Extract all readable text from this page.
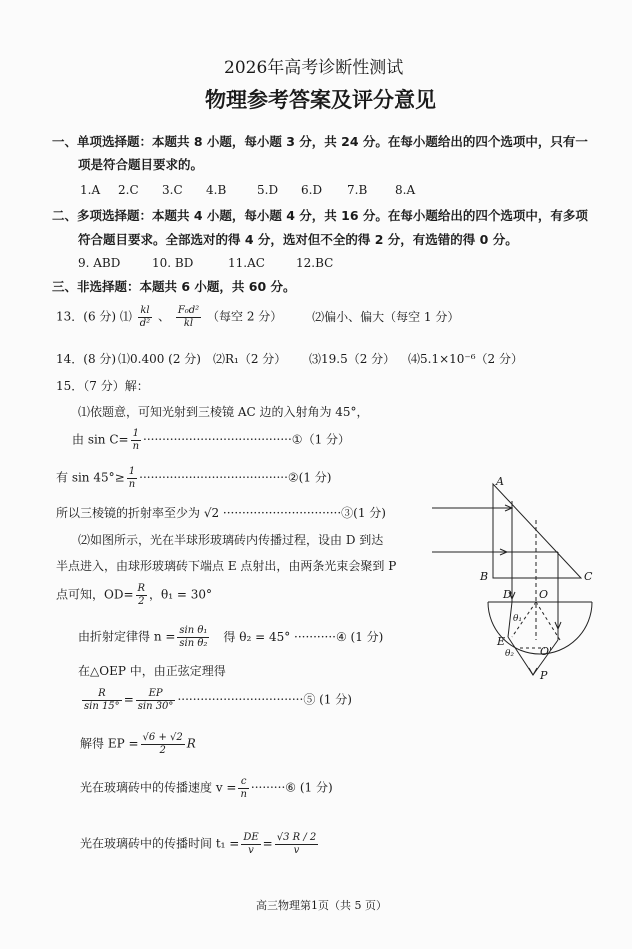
2026年高考诊断性测试
物理参考答案及评分意见
一、单项选择题：本题共 8 小题，每小题 3 分，共 24 分。在每小题给出的四个选项中，只有一
项是符合题目要求的。
1.A 2.C 3.C 4.B	5.D 6.D 7.B 8.A
二、多项选择题：本题共 4 小题，每小题 4 分，共 16 分。在每小题给出的四个选项中，有多项
符合题目要求。全部选对的得 4 分，选对但不全的得 2 分，有选错的得 0 分。
9. ABD	10. BD	11.AC	12.BC
三、非选择题：本题共 6 小题，共 60 分。
13．(6 分) ⑴ $\frac{kl}{\text{d²}}$ 、 $\frac{\text{F₀d²}}{kl}$ （每空 2 分） ⑵偏小、偏大（每空 1 分）
14．(8 分) ⑴0.400 (2 分) ⑵R₁（2 分） ⑶19.5（2 分） ⑷5.1×10⁻⁶（2 分）
15．（7 分）解：
⑴依题意，可知光射到三棱镜 AC 边的入射角为 45°，
由 $\sin C= \frac{1}{n}$ ·······································①（1 分）
有 $\sin 45^\circ\ge \frac{1}{n}$ ·······································②(1 分)
所以三棱镜的折射率至少为 √2 ·······························③(1 分)
⑵如图所示，光在半球形玻璃砖内传播过程，设由 D 到达
半点进入，由球形玻璃砖下端点 E 点射出，由两条光束会聚到 P
点可知，$OD= \frac{R}{2}$ ，θ₁ = 30°
由折射定律得 $n = \frac{\text{sin θ₁}}{\text{sin θ₂}}$ 得 θ₂ = 45° ···········④ (1 分)
在△OEP 中，由正弦定理得
$\frac{R}{\sin 15^\circ} = \frac{EP}{\sin 30^\circ}$ ·································⑤ (1 分)
解得 EP = $\frac{√6 + √2}{2}$ R
光在玻璃砖中的传播速度 $v = \frac{c}{n}$ ·········⑥ (1 分)
光在玻璃砖中的传播时间 $t_1 = \frac{DE}{v} = \frac{√3 R / 2}{v}$
A
B	C
D O
E
O'
P
θ₁
θ₂
高三物理第1页（共 5 页）
